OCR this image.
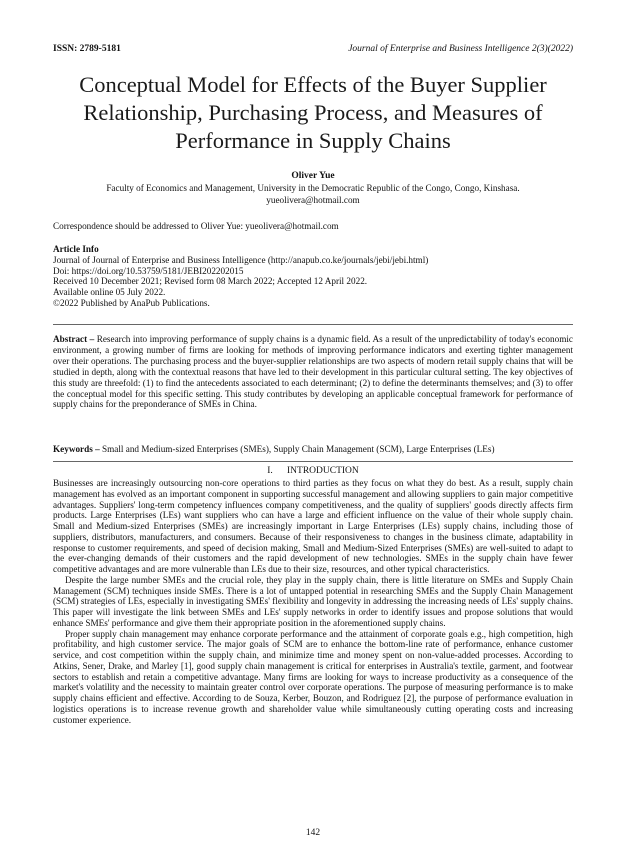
ISSN: 2789-5181	Journal of Enterprise and Business Intelligence 2(3)(2022)
Conceptual Model for Effects of the Buyer Supplier Relationship, Purchasing Process, and Measures of Performance in Supply Chains
Oliver Yue
Faculty of Economics and Management, University in the Democratic Republic of the Congo, Congo, Kinshasa.
yueolivera@hotmail.com
Correspondence should be addressed to Oliver Yue: yueolivera@hotmail.com
Article Info
Journal of Journal of Enterprise and Business Intelligence (http://anapub.co.ke/journals/jebi/jebi.html)
Doi: https://doi.org/10.53759/5181/JEBI202202015
Received 10 December 2021; Revised form 08 March 2022; Accepted 12 April 2022.
Available online 05 July 2022.
©2022 Published by AnaPub Publications.
Abstract – Research into improving performance of supply chains is a dynamic field. As a result of the unpredictability of today's economic environment, a growing number of firms are looking for methods of improving performance indicators and exerting tighter management over their operations. The purchasing process and the buyer-supplier relationships are two aspects of modern retail supply chains that will be studied in depth, along with the contextual reasons that have led to their development in this particular cultural setting. The key objectives of this study are threefold: (1) to find the antecedents associated to each determinant; (2) to define the determinants themselves; and (3) to offer the conceptual model for this specific setting. This study contributes by developing an applicable conceptual framework for performance of supply chains for the preponderance of SMEs in China.
Keywords – Small and Medium-sized Enterprises (SMEs), Supply Chain Management (SCM), Large Enterprises (LEs)
I.      INTRODUCTION

Businesses are increasingly outsourcing non-core operations to third parties as they focus on what they do best. As a result, supply chain management has evolved as an important component in supporting successful management and allowing suppliers to gain major competitive advantages. Suppliers' long-term competency influences company competitiveness, and the quality of suppliers' goods directly affects firm products. Large Enterprises (LEs) want suppliers who can have a large and efficient influence on the value of their whole supply chain. Small and Medium-sized Enterprises (SMEs) are increasingly important in Large Enterprises (LEs) supply chains, including those of suppliers, distributors, manufacturers, and consumers. Because of their responsiveness to changes in the business climate, adaptability in response to customer requirements, and speed of decision making, Small and Medium-Sized Enterprises (SMEs) are well-suited to adapt to the ever-changing demands of their customers and the rapid development of new technologies. SMEs in the supply chain have fewer competitive advantages and are more vulnerable than LEs due to their size, resources, and other typical characteristics.

Despite the large number SMEs and the crucial role, they play in the supply chain, there is little literature on SMEs and Supply Chain Management (SCM) techniques inside SMEs. There is a lot of untapped potential in researching SMEs and the Supply Chain Management (SCM) strategies of LEs, especially in investigating SMEs' flexibility and longevity in addressing the increasing needs of LEs' supply chains. This paper will investigate the link between SMEs and LEs' supply networks in order to identify issues and propose solutions that would enhance SMEs' performance and give them their appropriate position in the aforementioned supply chains.

Proper supply chain management may enhance corporate performance and the attainment of corporate goals e.g., high competition, high profitability, and high customer service. The major goals of SCM are to enhance the bottom-line rate of performance, enhance customer service, and cost competition within the supply chain, and minimize time and money spent on non-value-added processes. According to Atkins, Sener, Drake, and Marley [1], good supply chain management is critical for enterprises in Australia's textile, garment, and footwear sectors to establish and retain a competitive advantage. Many firms are looking for ways to increase productivity as a consequence of the market's volatility and the necessity to maintain greater control over corporate operations. The purpose of measuring performance is to make supply chains efficient and effective. According to de Souza, Kerber, Bouzon, and Rodriguez [2], the purpose of performance evaluation in logistics operations is to increase revenue growth and shareholder value while simultaneously cutting operating costs and increasing customer experience.

142
